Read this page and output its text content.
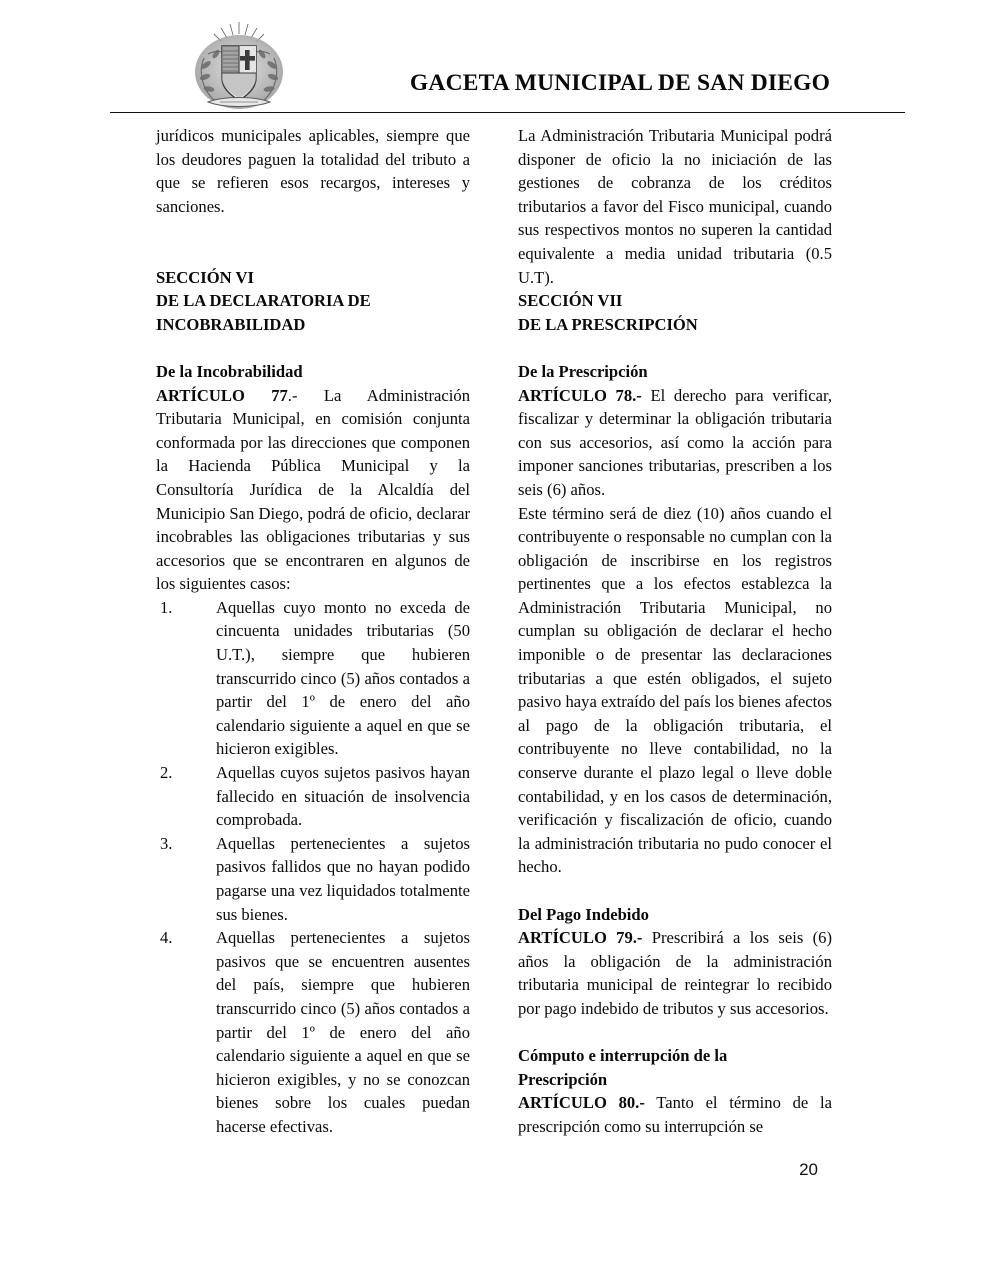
GACETA MUNICIPAL DE SAN DIEGO

jurídicos municipales aplicables, siempre que los deudores paguen la totalidad del tributo a que se refieren esos recargos, intereses y sanciones.

SECCIÓN VI

DE LA DECLARATORIA DE

INCOBRABILIDAD

De la Incobrabilidad

ARTÍCULO 77.- La Administración Tributaria Municipal, en comisión conjunta conformada por las direcciones que componen la Hacienda Pública Municipal y la Consultoría Jurídica de la Alcaldía del Municipio San Diego, podrá de oficio, declarar incobrables las obligaciones tributarias y sus accesorios que se encontraren en algunos de los siguientes casos:

1.	Aquellas cuyo monto no exceda de cincuenta unidades tributarias (50 U.T.), siempre que hubieren transcurrido cinco (5) años contados a partir del 1º de enero del año calendario siguiente a aquel en que se hicieron exigibles.

2.	Aquellas cuyos sujetos pasivos hayan fallecido en situación de insolvencia comprobada.

3.	Aquellas pertenecientes a sujetos pasivos fallidos que no hayan podido pagarse una vez liquidados totalmente sus bienes.

4.	Aquellas pertenecientes a sujetos pasivos que se encuentren ausentes del país, siempre que hubieren transcurrido cinco (5) años contados a partir del 1º de enero del año calendario siguiente a aquel en que se hicieron exigibles, y no se conozcan bienes sobre los cuales puedan hacerse efectivas.

La Administración Tributaria Municipal podrá disponer de oficio la no iniciación de las gestiones de cobranza de los créditos tributarios a favor del Fisco municipal, cuando sus respectivos montos no superen la cantidad equivalente a media unidad tributaria (0.5 U.T).

SECCIÓN VII

DE LA PRESCRIPCIÓN

De la Prescripción

ARTÍCULO 78.- El derecho para verificar, fiscalizar y determinar la obligación tributaria con sus accesorios, así como la acción para imponer sanciones tributarias, prescriben a los seis (6) años.

Este término será de diez (10) años cuando el contribuyente o responsable no cumplan con la obligación de inscribirse en los registros pertinentes que a los efectos establezca la Administración Tributaria Municipal, no cumplan su obligación de declarar el hecho imponible o de presentar las declaraciones tributarias a que estén obligados, el sujeto pasivo haya extraído del país los bienes afectos al pago de la obligación tributaria, el contribuyente no lleve contabilidad, no la conserve durante el plazo legal o lleve doble contabilidad, y en los casos de determinación, verificación y fiscalización de oficio, cuando la administración tributaria no pudo conocer el hecho.

Del Pago Indebido

ARTÍCULO 79.- Prescribirá a los seis (6) años la obligación de la administración tributaria municipal de reintegrar lo recibido por pago indebido de tributos y sus accesorios.

Cómputo e interrupción de la

Prescripción

ARTÍCULO 80.- Tanto el término de la prescripción como su interrupción se

20
